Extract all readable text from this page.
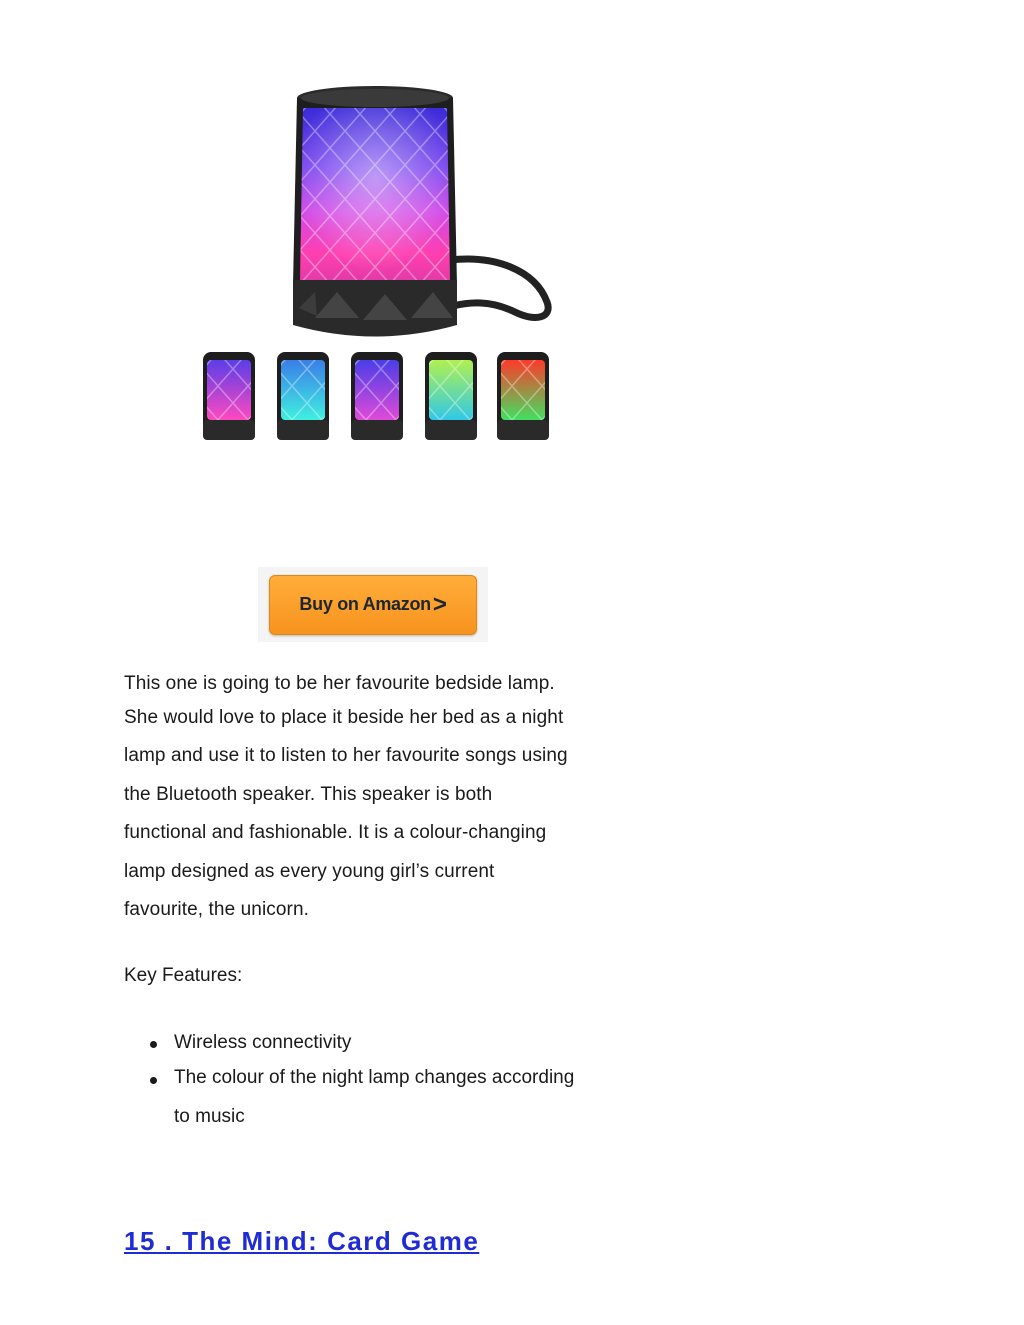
Buy on Amazon >
This one is going to be her favourite bedside lamp.
She would love to place it beside her bed as a night
lamp and use it to listen to her favourite songs using
the Bluetooth speaker. This speaker is both
functional and fashionable. It is a colour-changing
lamp designed as every young girl’s current
favourite, the unicorn.
Key Features:
Wireless connectivity
The colour of the night lamp changes according
to music
15 . The Mind: Card Game
